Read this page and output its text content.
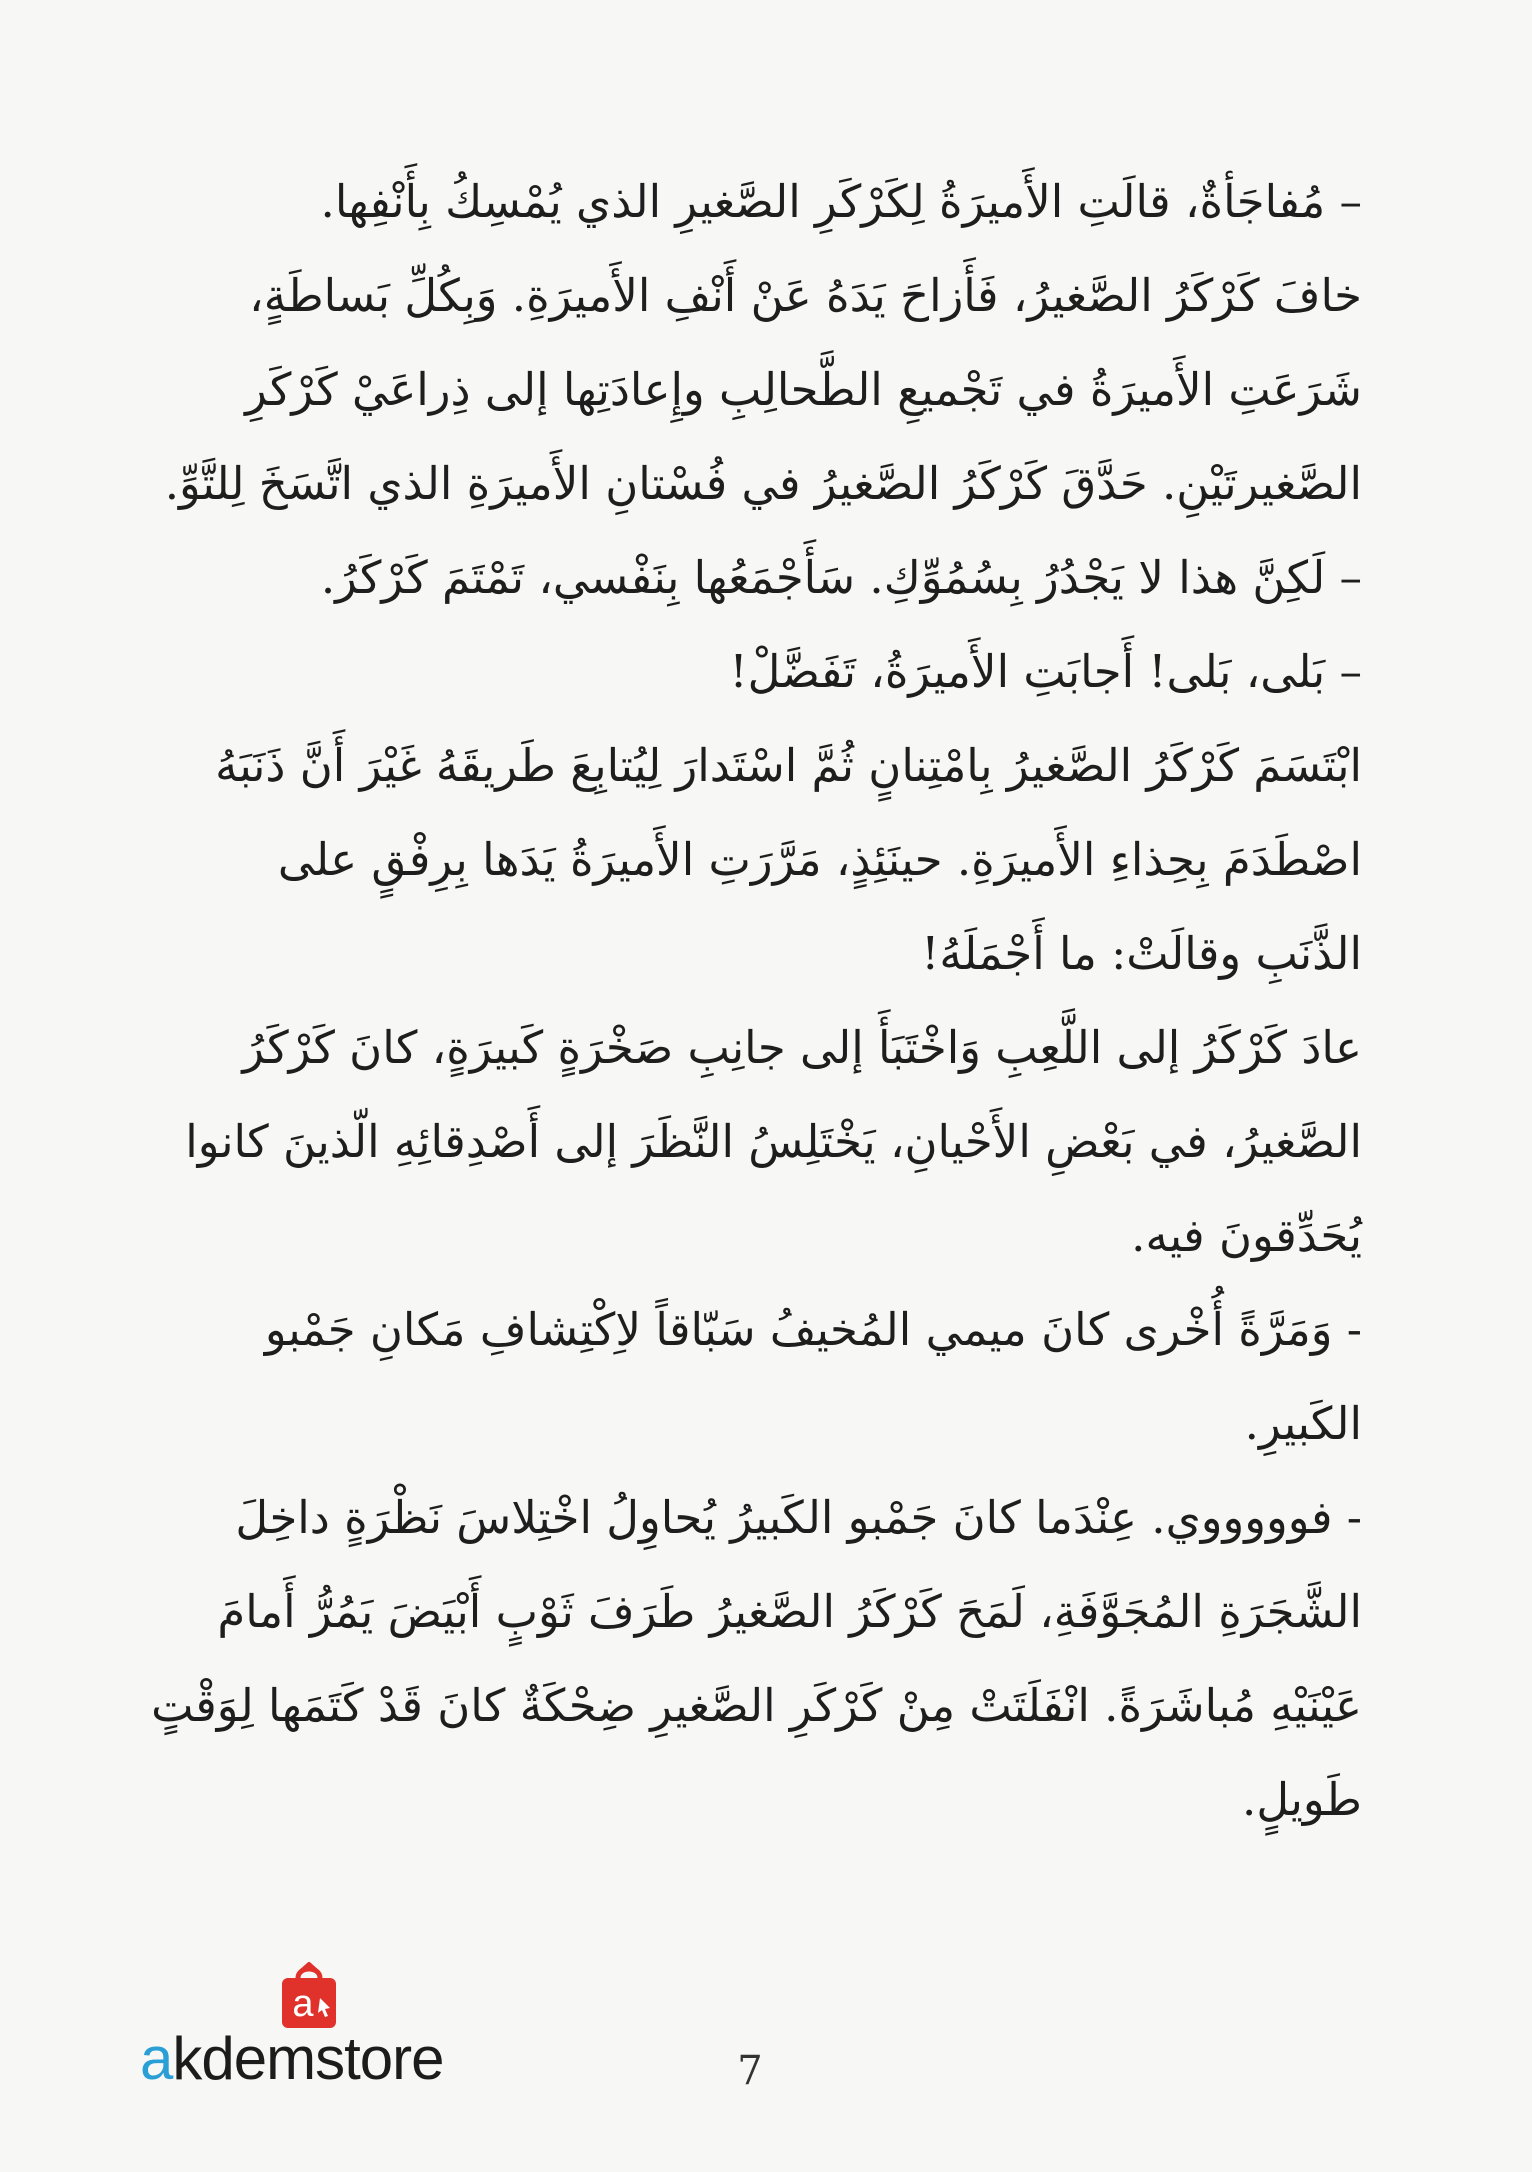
– مُفاجَأةٌ، قالَتِ الأَميرَةُ لِكَرْكَرِ الصَّغيرِ الذي يُمْسِكُ بِأَنْفِها.
خافَ كَرْكَرُ الصَّغيرُ، فَأَزاحَ يَدَهُ عَنْ أَنْفِ الأَميرَةِ. وَبِكُلِّ بَساطَةٍ،
شَرَعَتِ الأَميرَةُ في تَجْميعِ الطَّحالِبِ وإِعادَتِها إلى ذِراعَيْ كَرْكَرِ
الصَّغيرتَيْنِ. حَدَّقَ كَرْكَرُ الصَّغيرُ في فُسْتانِ الأَميرَةِ الذي اتَّسَخَ لِلتَّوِّ.
– لَكِنَّ هذا لا يَجْدُرُ بِسُمُوِّكِ. سَأَجْمَعُها بِنَفْسي، تَمْتَمَ كَرْكَرُ.
– بَلى، بَلى! أَجابَتِ الأَميرَةُ، تَفَضَّلْ!
ابْتَسَمَ كَرْكَرُ الصَّغيرُ بِامْتِنانٍ ثُمَّ اسْتَدارَ لِيُتابِعَ طَريقَهُ غَيْرَ أَنَّ ذَنَبَهُ
اصْطَدَمَ بِحِذاءِ الأَميرَةِ. حينَئِذٍ، مَرَّرَتِ الأَميرَةُ يَدَها بِرِفْقٍ على
الذَّنَبِ وقالَتْ: ما أَجْمَلَهُ!
عادَ كَرْكَرُ إلى اللَّعِبِ وَاخْتَبَأَ إلى جانِبِ صَخْرَةٍ كَبيرَةٍ، كانَ كَرْكَرُ
الصَّغيرُ، في بَعْضِ الأَحْيانِ، يَخْتَلِسُ النَّظَرَ إلى أَصْدِقائِهِ الّذينَ كانوا
يُحَدِّقونَ فيه.
- وَمَرَّةً أُخْرى كانَ ميمي المُخيفُ سَبّاقاً لاِكْتِشافِ مَكانِ جَمْبو
الكَبيرِ.
- فوووووي. عِنْدَما كانَ جَمْبو الكَبيرُ يُحاوِلُ اخْتِلاسَ نَظْرَةٍ داخِلَ
الشَّجَرَةِ المُجَوَّفَةِ، لَمَحَ كَرْكَرُ الصَّغيرُ طَرَفَ ثَوْبٍ أَبْيَضَ يَمُرُّ أَمامَ
عَيْنَيْهِ مُباشَرَةً. انْفَلَتَتْ مِنْ كَرْكَرِ الصَّغيرِ ضِحْكَةٌ كانَ قَدْ كَتَمَها لِوَقْتٍ
طَويلٍ.
a
akdemstore	7
